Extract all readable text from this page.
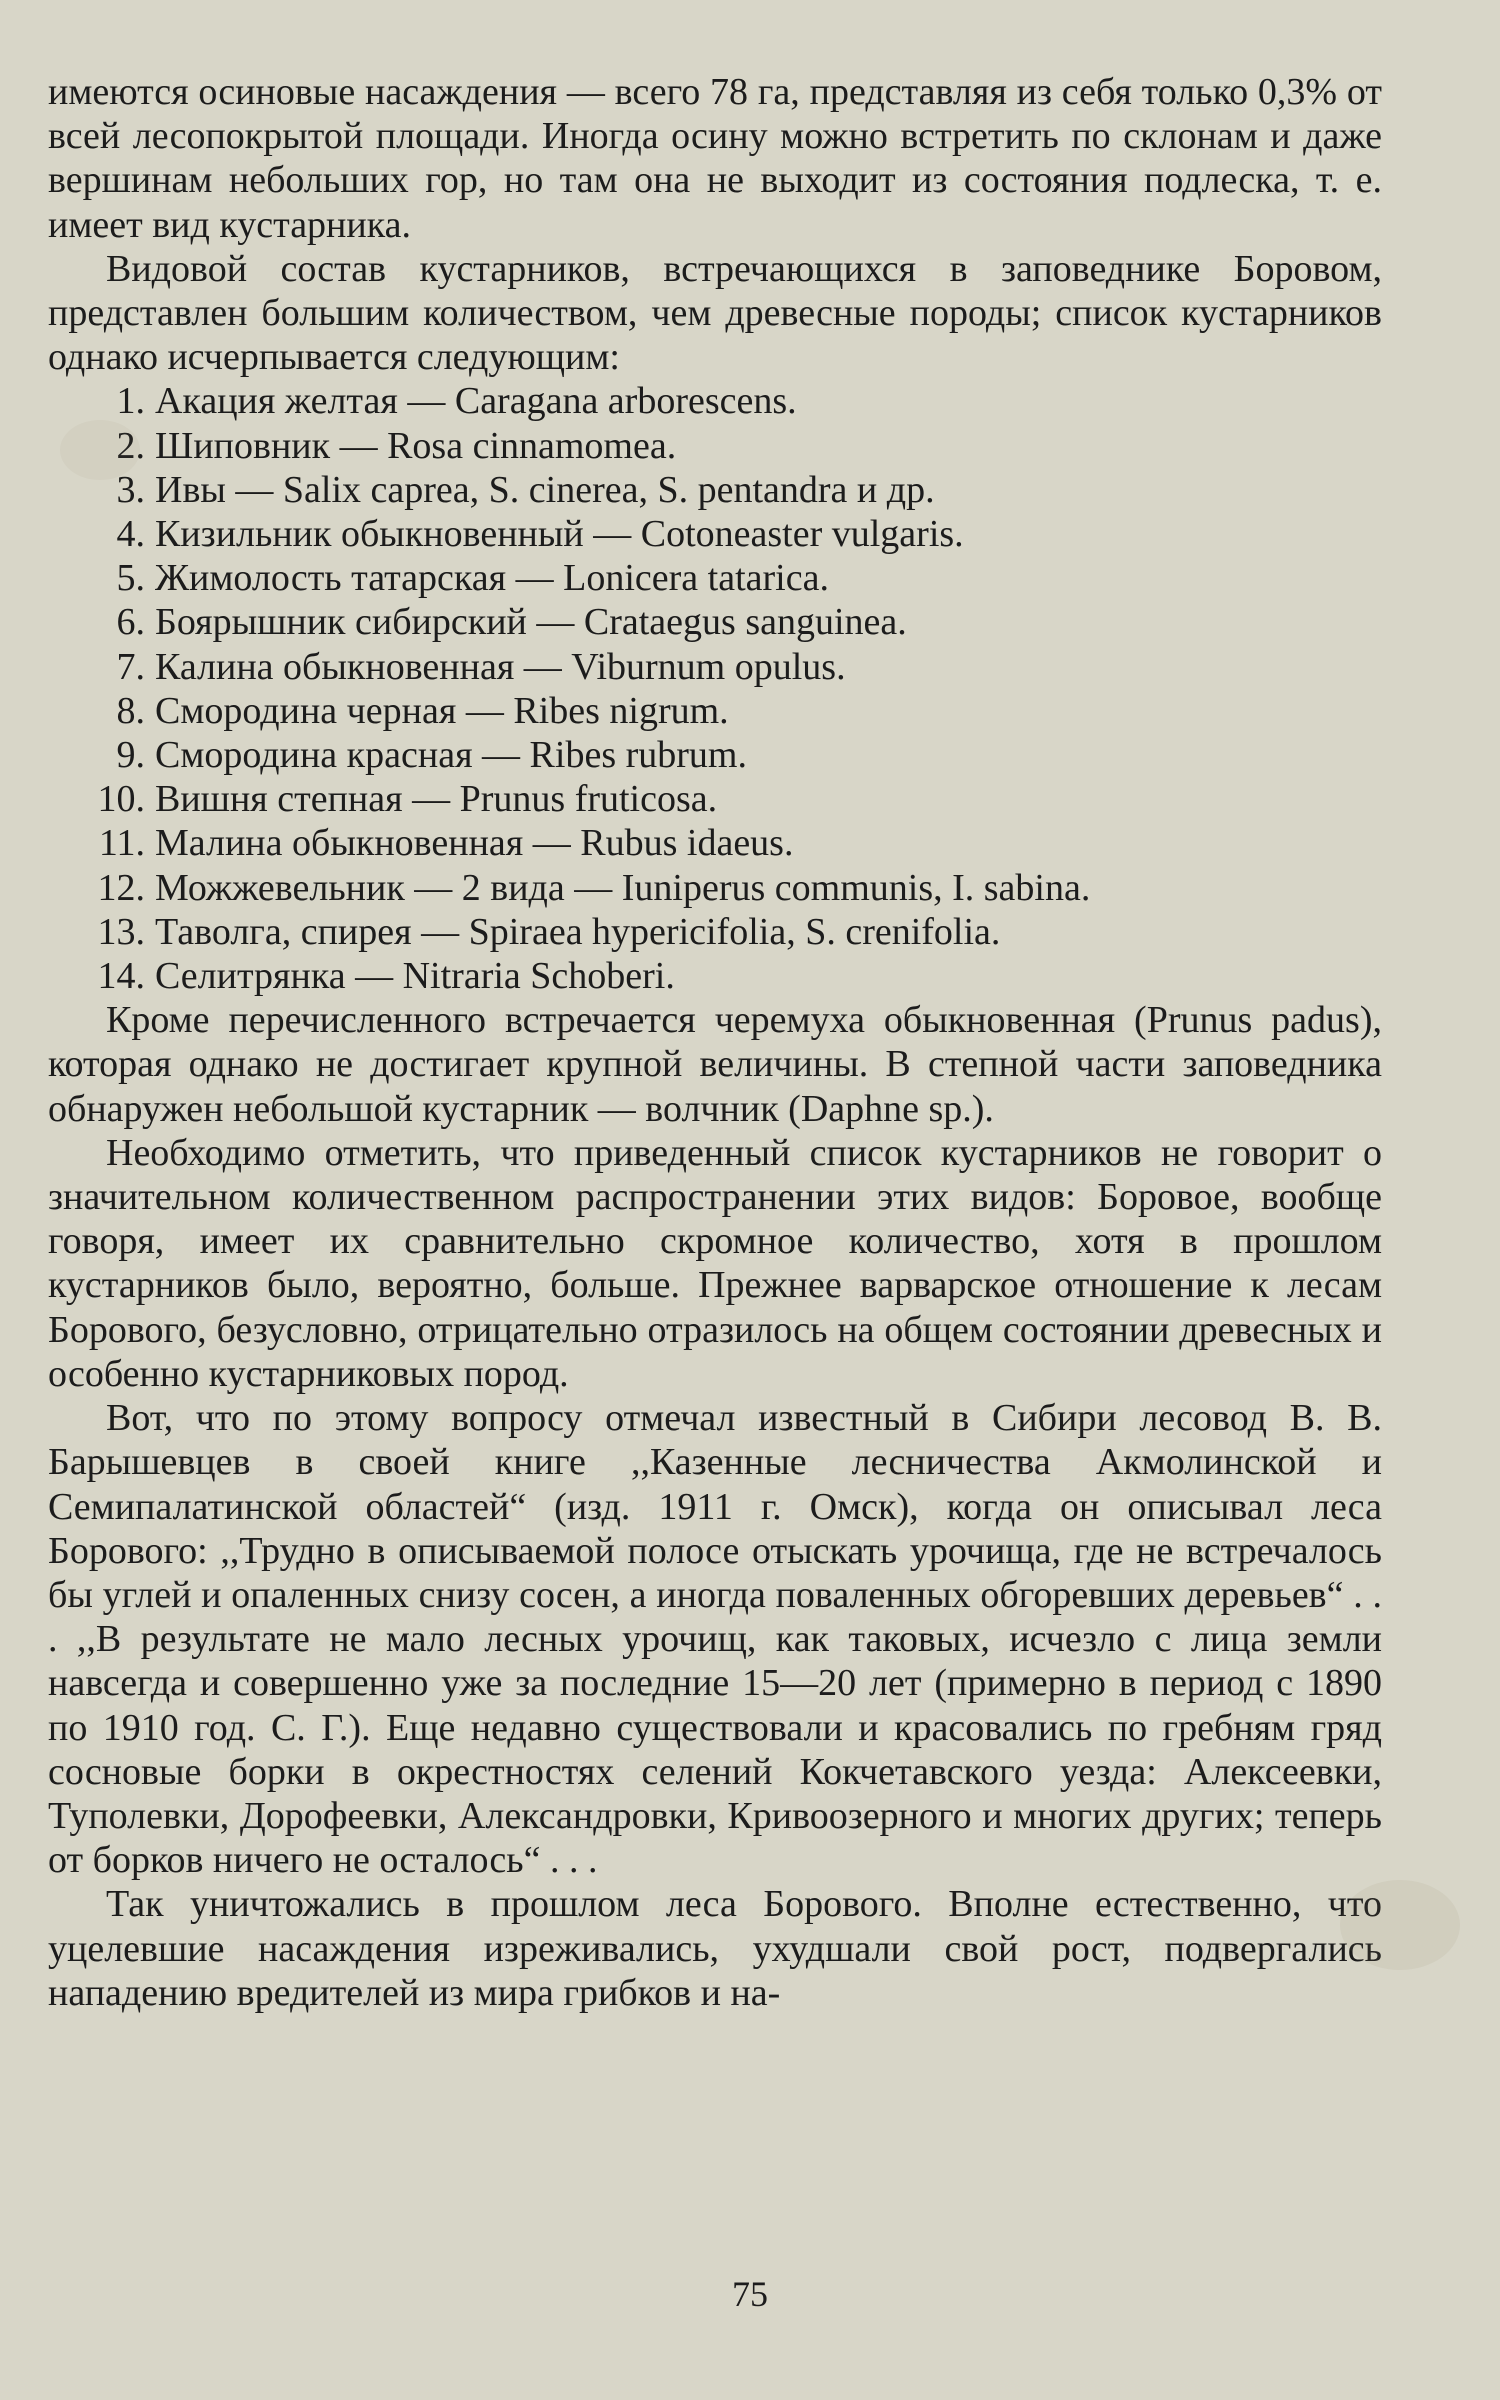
имеются осиновые насаждения — всего 78 га, представляя из себя только 0,3% от всей лесопокрытой площади. Иногда осину можно встретить по склонам и даже вершинам небольших гор, но там она не выходит из состояния подлеска, т. е. имеет вид кустарника.

Видовой состав кустарников, встречающихся в заповеднике Боровом, представлен большим количеством, чем древесные породы; список кустарников однако исчерпывается следующим:

1. Акация желтая — Caragana arborescens.
2. Шиповник — Rosa cinnamomea.
3. Ивы — Salix caprea, S. cinerea, S. pentandra и др.
4. Кизильник обыкновенный — Cotoneaster vulgaris.
5. Жимолость татарская — Lonicera tatarica.
6. Боярышник сибирский — Crataegus sanguinea.
7. Калина обыкновенная — Viburnum opulus.
8. Смородина черная — Ribes nigrum.
9. Смородина красная — Ribes rubrum.
10. Вишня степная — Prunus fruticosa.
11. Малина обыкновенная — Rubus idaeus.
12. Можжевельник — 2 вида — Iuniperus communis, I. sabina.
13. Таволга, спирея — Spiraea hypericifolia, S. crenifolia.
14. Селитрянка — Nitraria Schoberi.

Кроме перечисленного встречается черемуха обыкновенная (Prunus padus), которая однако не достигает крупной величины. В степной части заповедника обнаружен небольшой кустарник — волчник (Daphne sp.).

Необходимо отметить, что приведенный список кустарников не говорит о значительном количественном распространении этих видов: Боровое, вообще говоря, имеет их сравнительно скромное количество, хотя в прошлом кустарников было, вероятно, больше. Прежнее варварское отношение к лесам Борового, безусловно, отрицательно отразилось на общем состоянии древесных и особенно кустарниковых пород.

Вот, что по этому вопросу отмечал известный в Сибири лесовод В. В. Барышевцев в своей книге ,,Казенные лесничества Акмолинской и Семипалатинской областей“ (изд. 1911 г. Омск), когда он описывал леса Борового: ,,Трудно в описываемой полосе отыскать урочища, где не встречалось бы углей и опаленных снизу сосен, а иногда поваленных обгоревших деревьев“ . . . ,,В результате не мало лесных урочищ, как таковых, исчезло с лица земли навсегда и совершенно уже за последние 15—20 лет (примерно в период с 1890 по 1910 год. С. Г.). Еще недавно существовали и красовались по гребням гряд сосновые борки в окрестностях селений Кокчетавского уезда: Алексеевки, Туполевки, Дорофеевки, Александровки, Кривоозерного и многих других; теперь от борков ничего не осталось“ . . .

Так уничтожались в прошлом леса Борового. Вполне естественно, что уцелевшие насаждения изреживались, ухудшали свой рост, подвергались нападению вредителей из мира грибков и на-

75
